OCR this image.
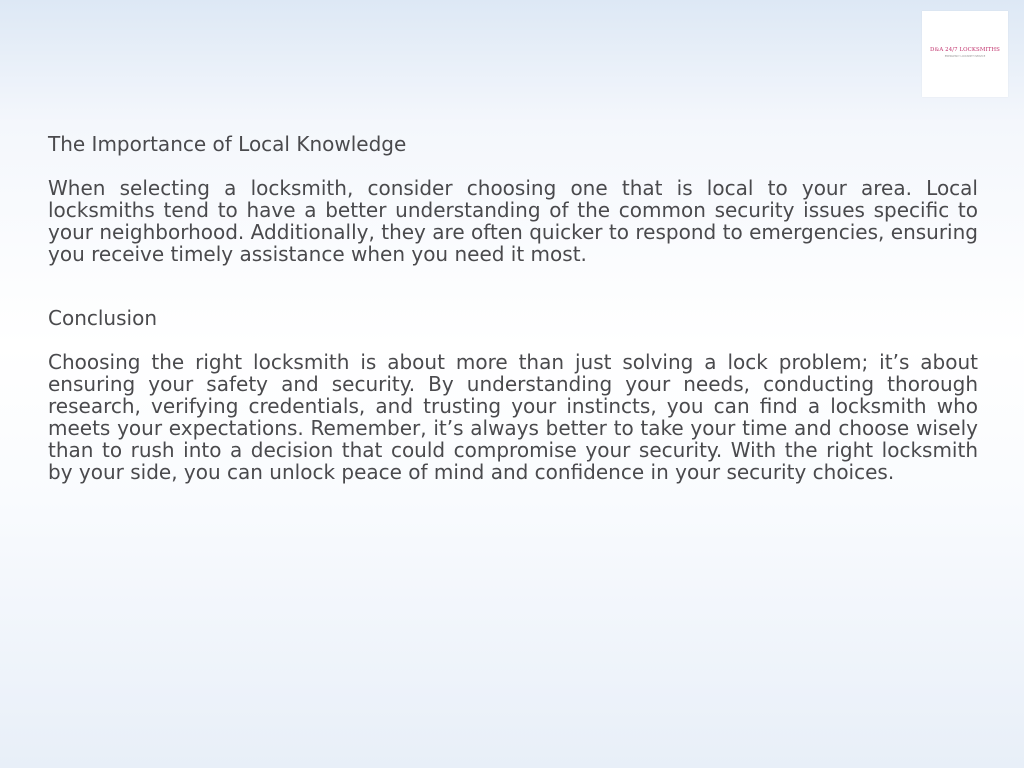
D&A 24/7 LOCKSMITHS
EMERGENCY LOCKSMITH SERVICE
The Importance of Local Knowledge

When selecting a locksmith, consider choosing one that is local to your area. Local locksmiths tend to have a better understanding of the common security issues specific to your neighborhood. Additionally, they are often quicker to respond to emergencies, ensuring you receive timely assistance when you need it most.

Conclusion

Choosing the right locksmith is about more than just solving a lock problem; it’s about ensuring your safety and security. By understanding your needs, conducting thorough research, verifying credentials, and trusting your instincts, you can find a locksmith who meets your expectations. Remember, it’s always better to take your time and choose wisely than to rush into a decision that could compromise your security. With the right locksmith by your side, you can unlock peace of mind and confidence in your security choices.
